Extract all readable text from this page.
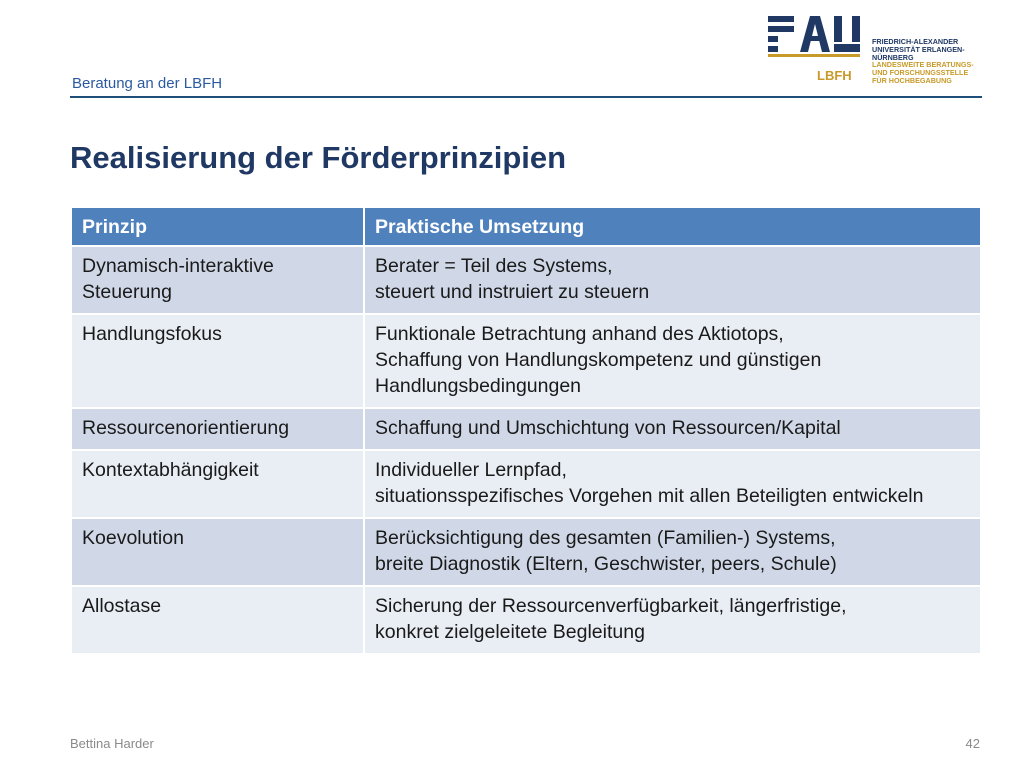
Beratung an der LBFH
FRIEDRICH-ALEXANDER UNIVERSITÄT ERLANGEN-NÜRNBERG
LANDESWEITE BERATUNGS- UND FORSCHUNGSSTELLE FÜR HOCHBEGABUNG
LBFH
Realisierung der Förderprinzipien
Prinzip	Praktische Umsetzung
Dynamisch-interaktive Steuerung	Berater = Teil des Systems,
steuert und instruiert zu steuern

Handlungsfokus	Funktionale Betrachtung anhand des Aktiotops,
Schaffung von Handlungskompetenz und günstigen Handlungsbedingungen

Ressourcenorientierung	Schaffung und Umschichtung von Ressourcen/Kapital

Kontextabhängigkeit	Individueller Lernpfad,
situationsspezifisches Vorgehen mit allen Beteiligten entwickeln

Koevolution	Berücksichtigung des gesamten (Familien-) Systems,
breite Diagnostik (Eltern, Geschwister, peers, Schule)

Allostase	Sicherung der Ressourcenverfügbarkeit, längerfristige,
konkret zielgeleitete Begleitung
Bettina Harder	42
